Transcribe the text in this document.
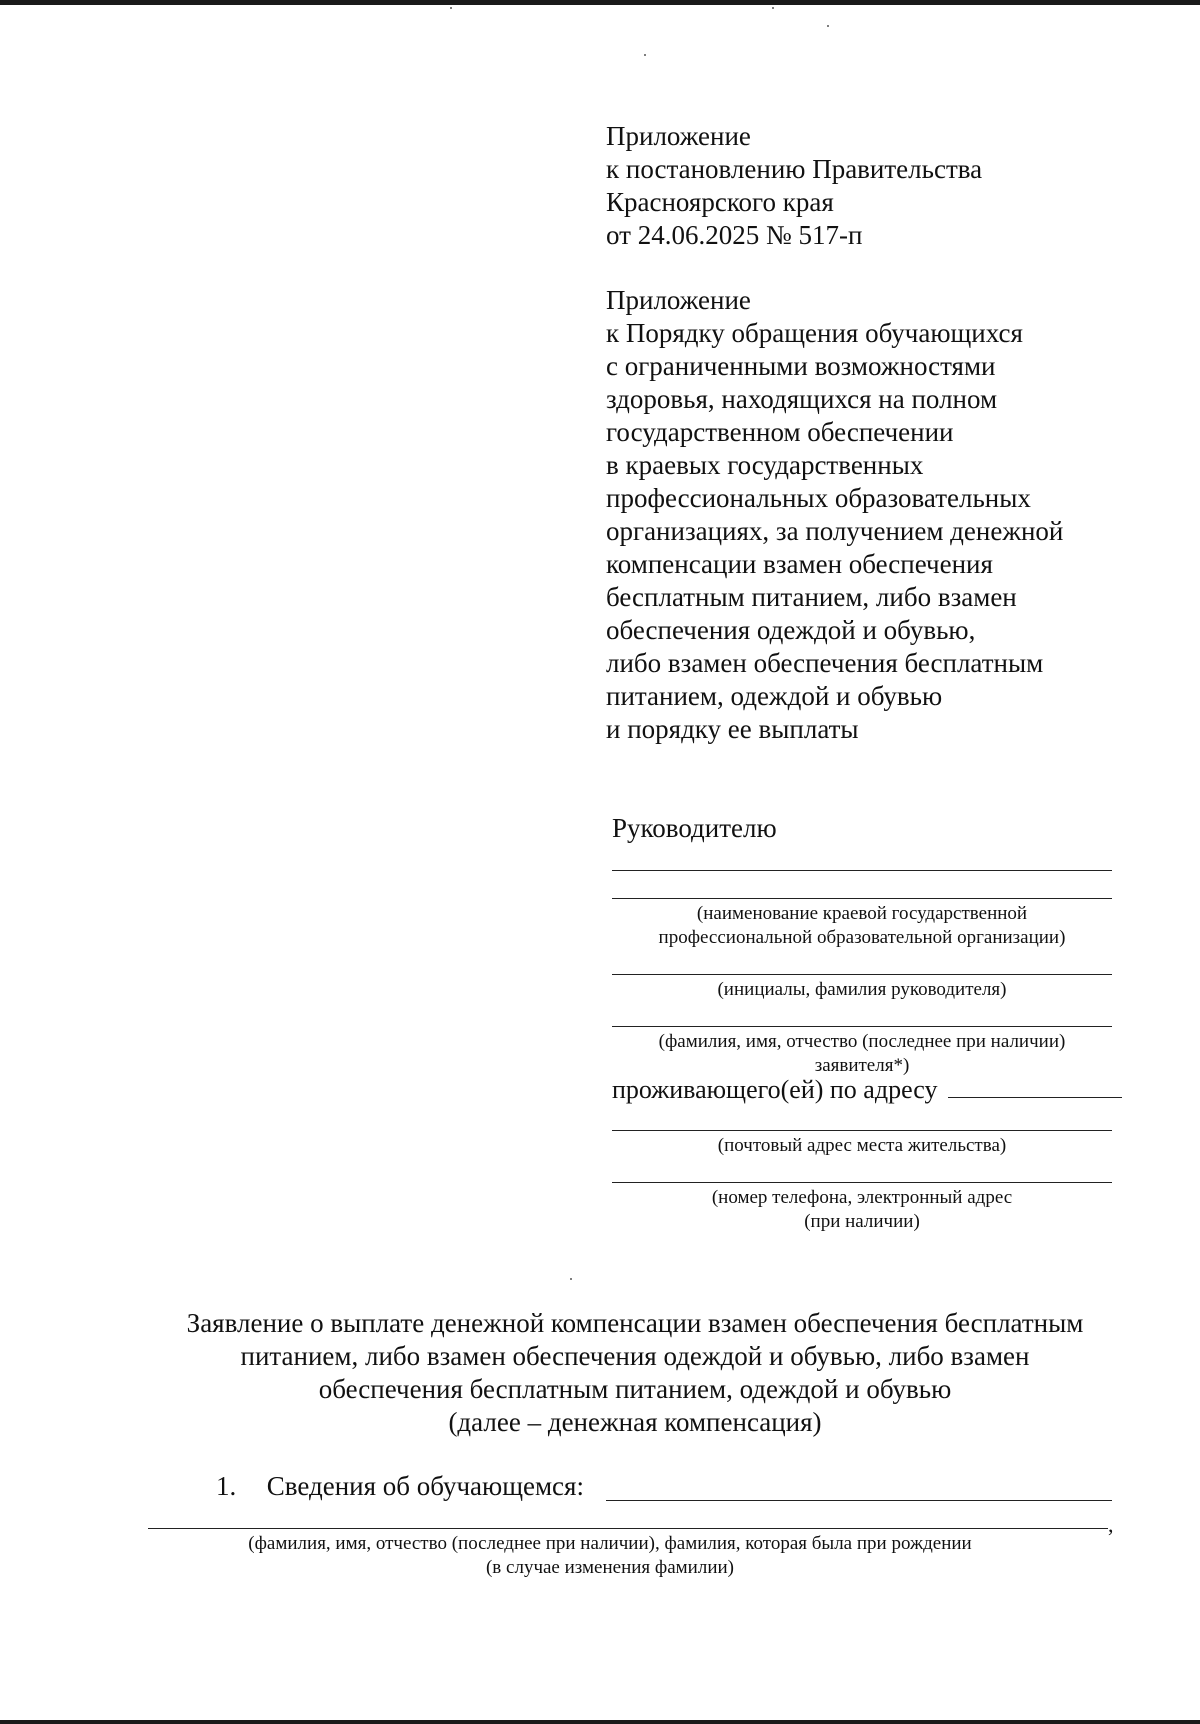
Приложение
к постановлению Правительства
Красноярского края
от 24.06.2025 № 517-п
Приложение
к Порядку обращения обучающихся
с ограниченными возможностями
здоровья, находящихся на полном
государственном обеспечении
в краевых государственных
профессиональных образовательных
организациях, за получением денежной
компенсации взамен обеспечения
бесплатным питанием, либо взамен
обеспечения одеждой и обувью,
либо взамен обеспечения бесплатным
питанием, одеждой и обувью
и порядку ее выплаты
Руководителю
(наименование краевой государственной
профессиональной образовательной организации)
(инициалы, фамилия руководителя)
(фамилия, имя, отчество (последнее при наличии)
заявителя*)
проживающего(ей) по адресу
(почтовый адрес места жительства)
(номер телефона, электронный адрес
(при наличии)
Заявление о выплате денежной компенсации взамен обеспечения бесплатным
питанием, либо взамен обеспечения одеждой и обувью, либо взамен
обеспечения бесплатным питанием, одеждой и обувью
(далее – денежная компенсация)
1. Сведения об обучающемся:
,
(фамилия, имя, отчество (последнее при наличии), фамилия, которая была при рождении
(в случае изменения фамилии)
